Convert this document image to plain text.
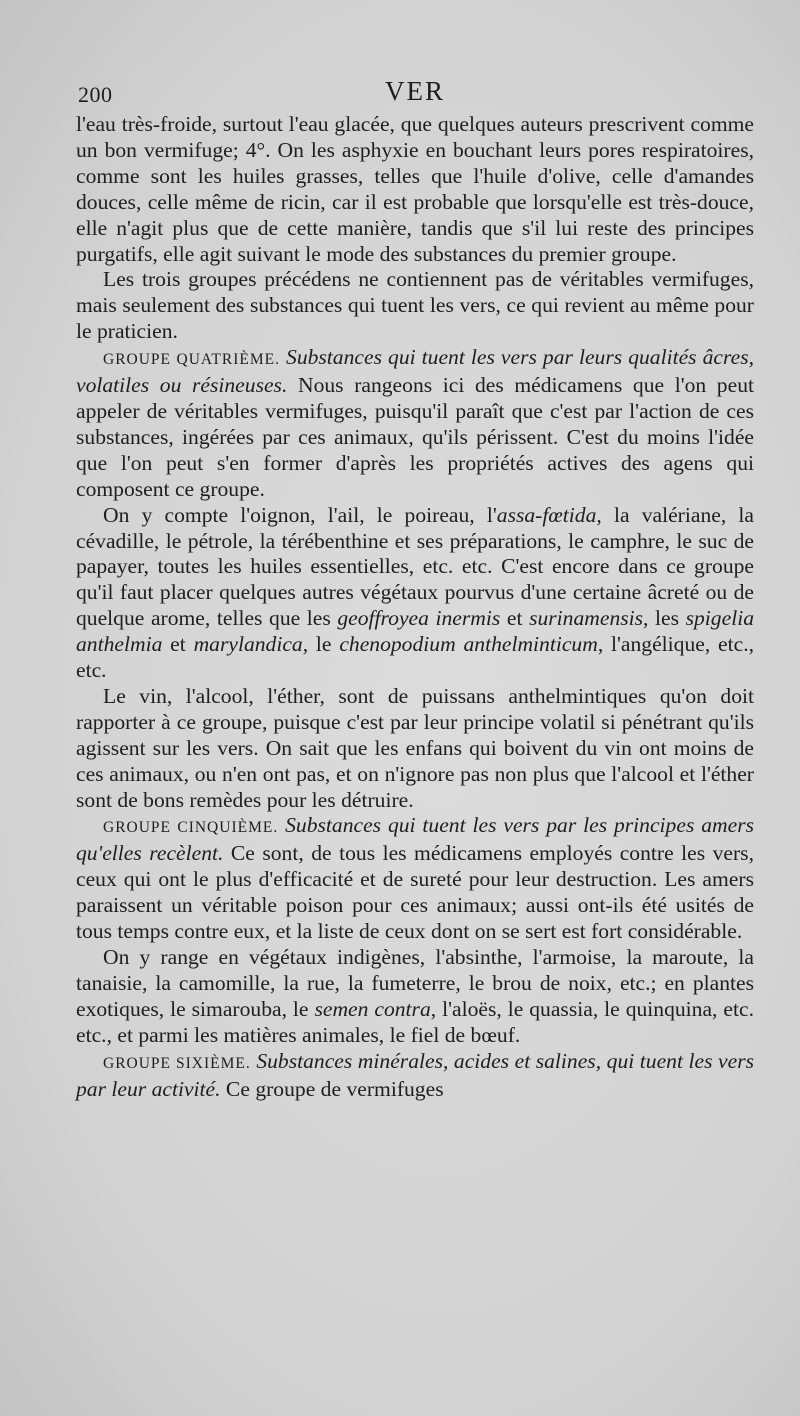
200	VER

l'eau très-froide, surtout l'eau glacée, que quelques auteurs prescrivent comme un bon vermifuge; 4°. On les asphyxie en bouchant leurs pores respiratoires, comme sont les huiles grasses, telles que l'huile d'olive, celle d'amandes douces, celle même de ricin, car il est probable que lorsqu'elle est très-douce, elle n'agit plus que de cette manière, tandis que s'il lui reste des principes purgatifs, elle agit suivant le mode des substances du premier groupe.

Les trois groupes précédens ne contiennent pas de véritables vermifuges, mais seulement des substances qui tuent les vers, ce qui revient au même pour le praticien.

GROUPE QUATRIÈME. Substances qui tuent les vers par leurs qualités âcres, volatiles ou résineuses. Nous rangeons ici des médicamens que l'on peut appeler de véritables vermifuges, puisqu'il paraît que c'est par l'action de ces substances, ingérées par ces animaux, qu'ils périssent. C'est du moins l'idée que l'on peut s'en former d'après les propriétés actives des agens qui composent ce groupe.

On y compte l'oignon, l'ail, le poireau, l'assa-fœtida, la valériane, la cévadille, le pétrole, la térébenthine et ses préparations, le camphre, le suc de papayer, toutes les huiles essentielles, etc. etc. C'est encore dans ce groupe qu'il faut placer quelques autres végétaux pourvus d'une certaine âcreté ou de quelque arome, telles que les geoffroyea inermis et surinamensis, les spigelia anthelmia et marylandica, le chenopodium anthelminticum, l'angélique, etc., etc.

Le vin, l'alcool, l'éther, sont de puissans anthelmintiques qu'on doit rapporter à ce groupe, puisque c'est par leur principe volatil si pénétrant qu'ils agissent sur les vers. On sait que les enfans qui boivent du vin ont moins de ces animaux, ou n'en ont pas, et on n'ignore pas non plus que l'alcool et l'éther sont de bons remèdes pour les détruire.

GROUPE CINQUIÈME. Substances qui tuent les vers par les principes amers qu'elles recèlent. Ce sont, de tous les médicamens employés contre les vers, ceux qui ont le plus d'efficacité et de sureté pour leur destruction. Les amers paraissent un véritable poison pour ces animaux; aussi ont-ils été usités de tous temps contre eux, et la liste de ceux dont on se sert est fort considérable.

On y range en végétaux indigènes, l'absinthe, l'armoise, la maroute, la tanaisie, la camomille, la rue, la fumeterre, le brou de noix, etc.; en plantes exotiques, le simarouba, le semen contra, l'aloës, le quassia, le quinquina, etc. etc., et parmi les matières animales, le fiel de bœuf.

GROUPE SIXIÈME. Substances minérales, acides et salines, qui tuent les vers par leur activité. Ce groupe de vermifuges
